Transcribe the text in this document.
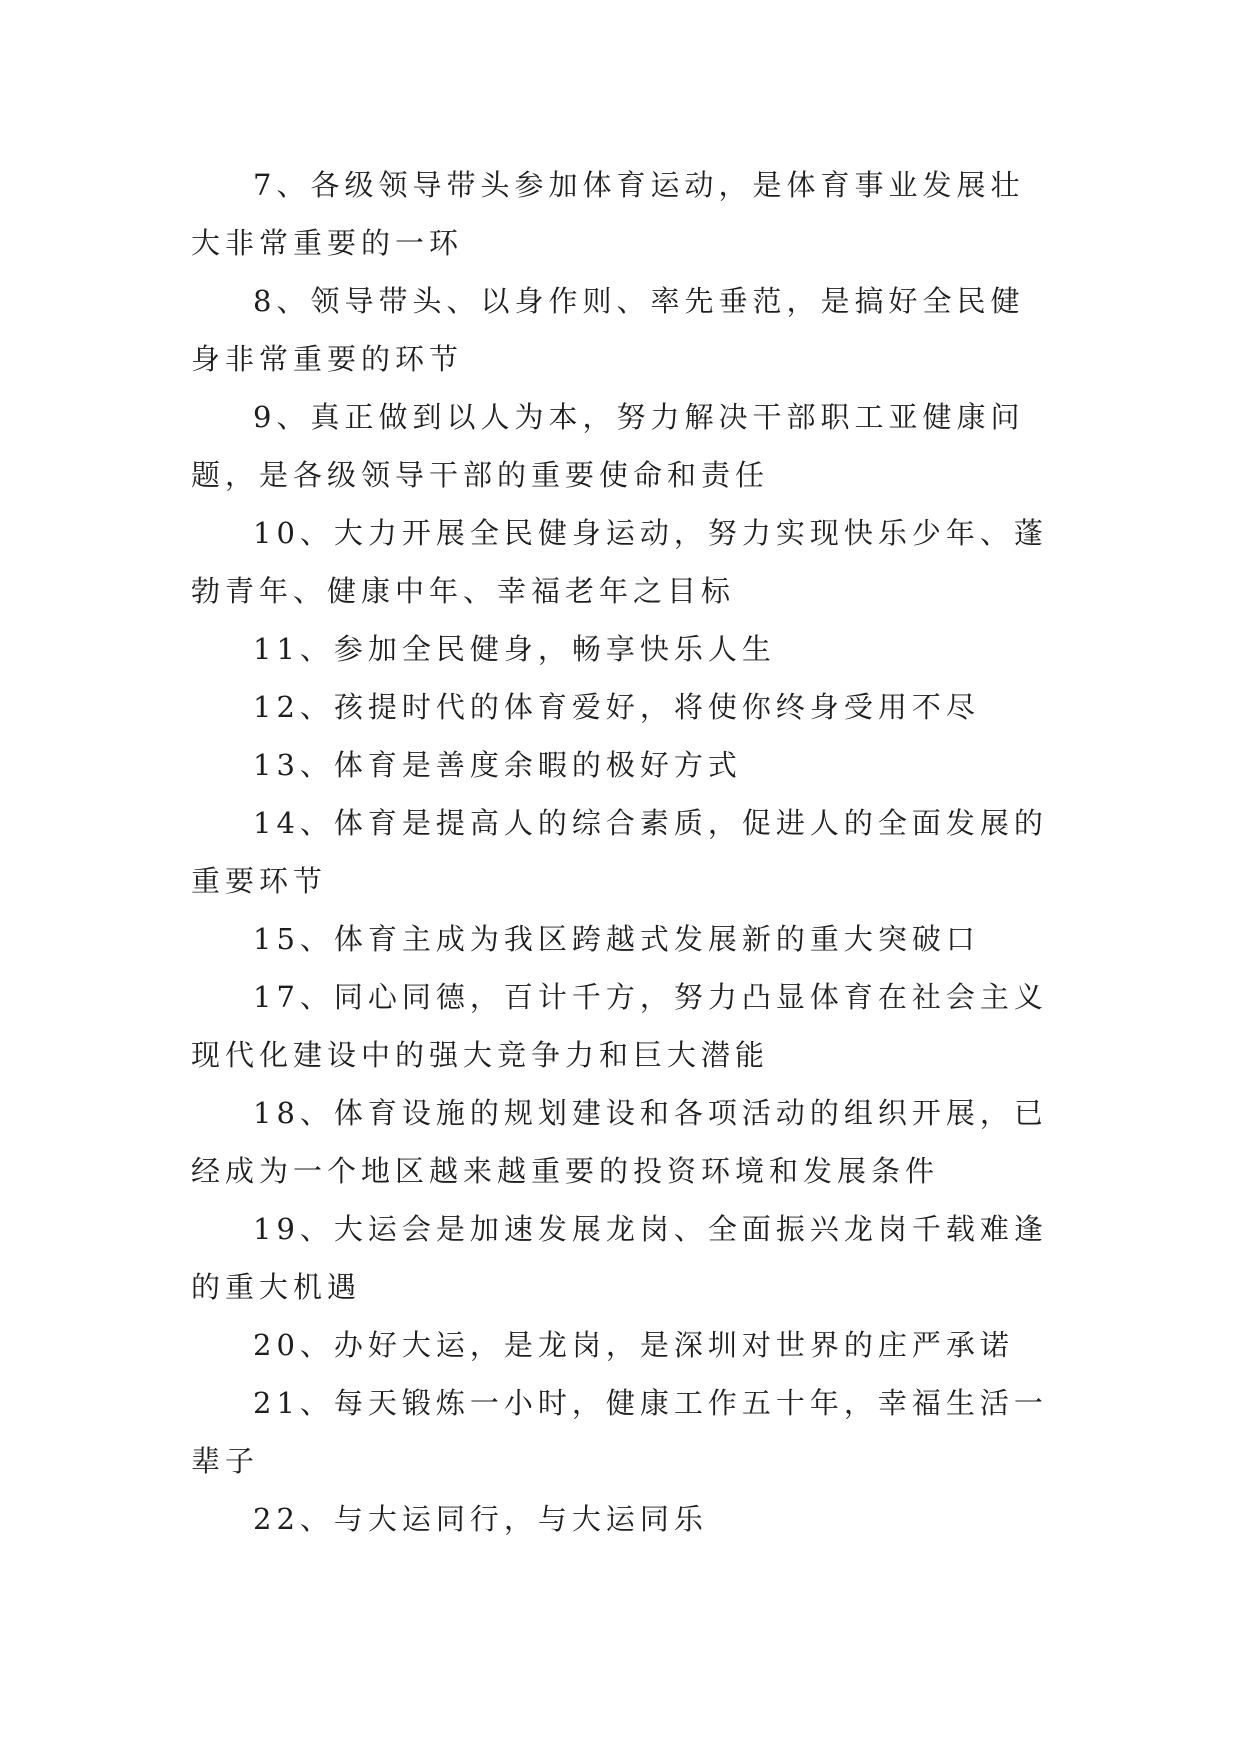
7、各级领导带头参加体育运动，是体育事业发展壮大非常重要的一环

8、领导带头、以身作则、率先垂范，是搞好全民健身非常重要的环节

9、真正做到以人为本，努力解决干部职工亚健康问题，是各级领导干部的重要使命和责任

10、大力开展全民健身运动，努力实现快乐少年、蓬勃青年、健康中年、幸福老年之目标

11、参加全民健身，畅享快乐人生

12、孩提时代的体育爱好，将使你终身受用不尽

13、体育是善度余暇的极好方式

14、体育是提高人的综合素质，促进人的全面发展的重要环节

15、体育主成为我区跨越式发展新的重大突破口

17、同心同德，百计千方，努力凸显体育在社会主义现代化建设中的强大竞争力和巨大潜能

18、体育设施的规划建设和各项活动的组织开展，已经成为一个地区越来越重要的投资环境和发展条件

19、大运会是加速发展龙岗、全面振兴龙岗千载难逢的重大机遇

20、办好大运，是龙岗，是深圳对世界的庄严承诺

21、每天锻炼一小时，健康工作五十年，幸福生活一辈子

22、与大运同行，与大运同乐
